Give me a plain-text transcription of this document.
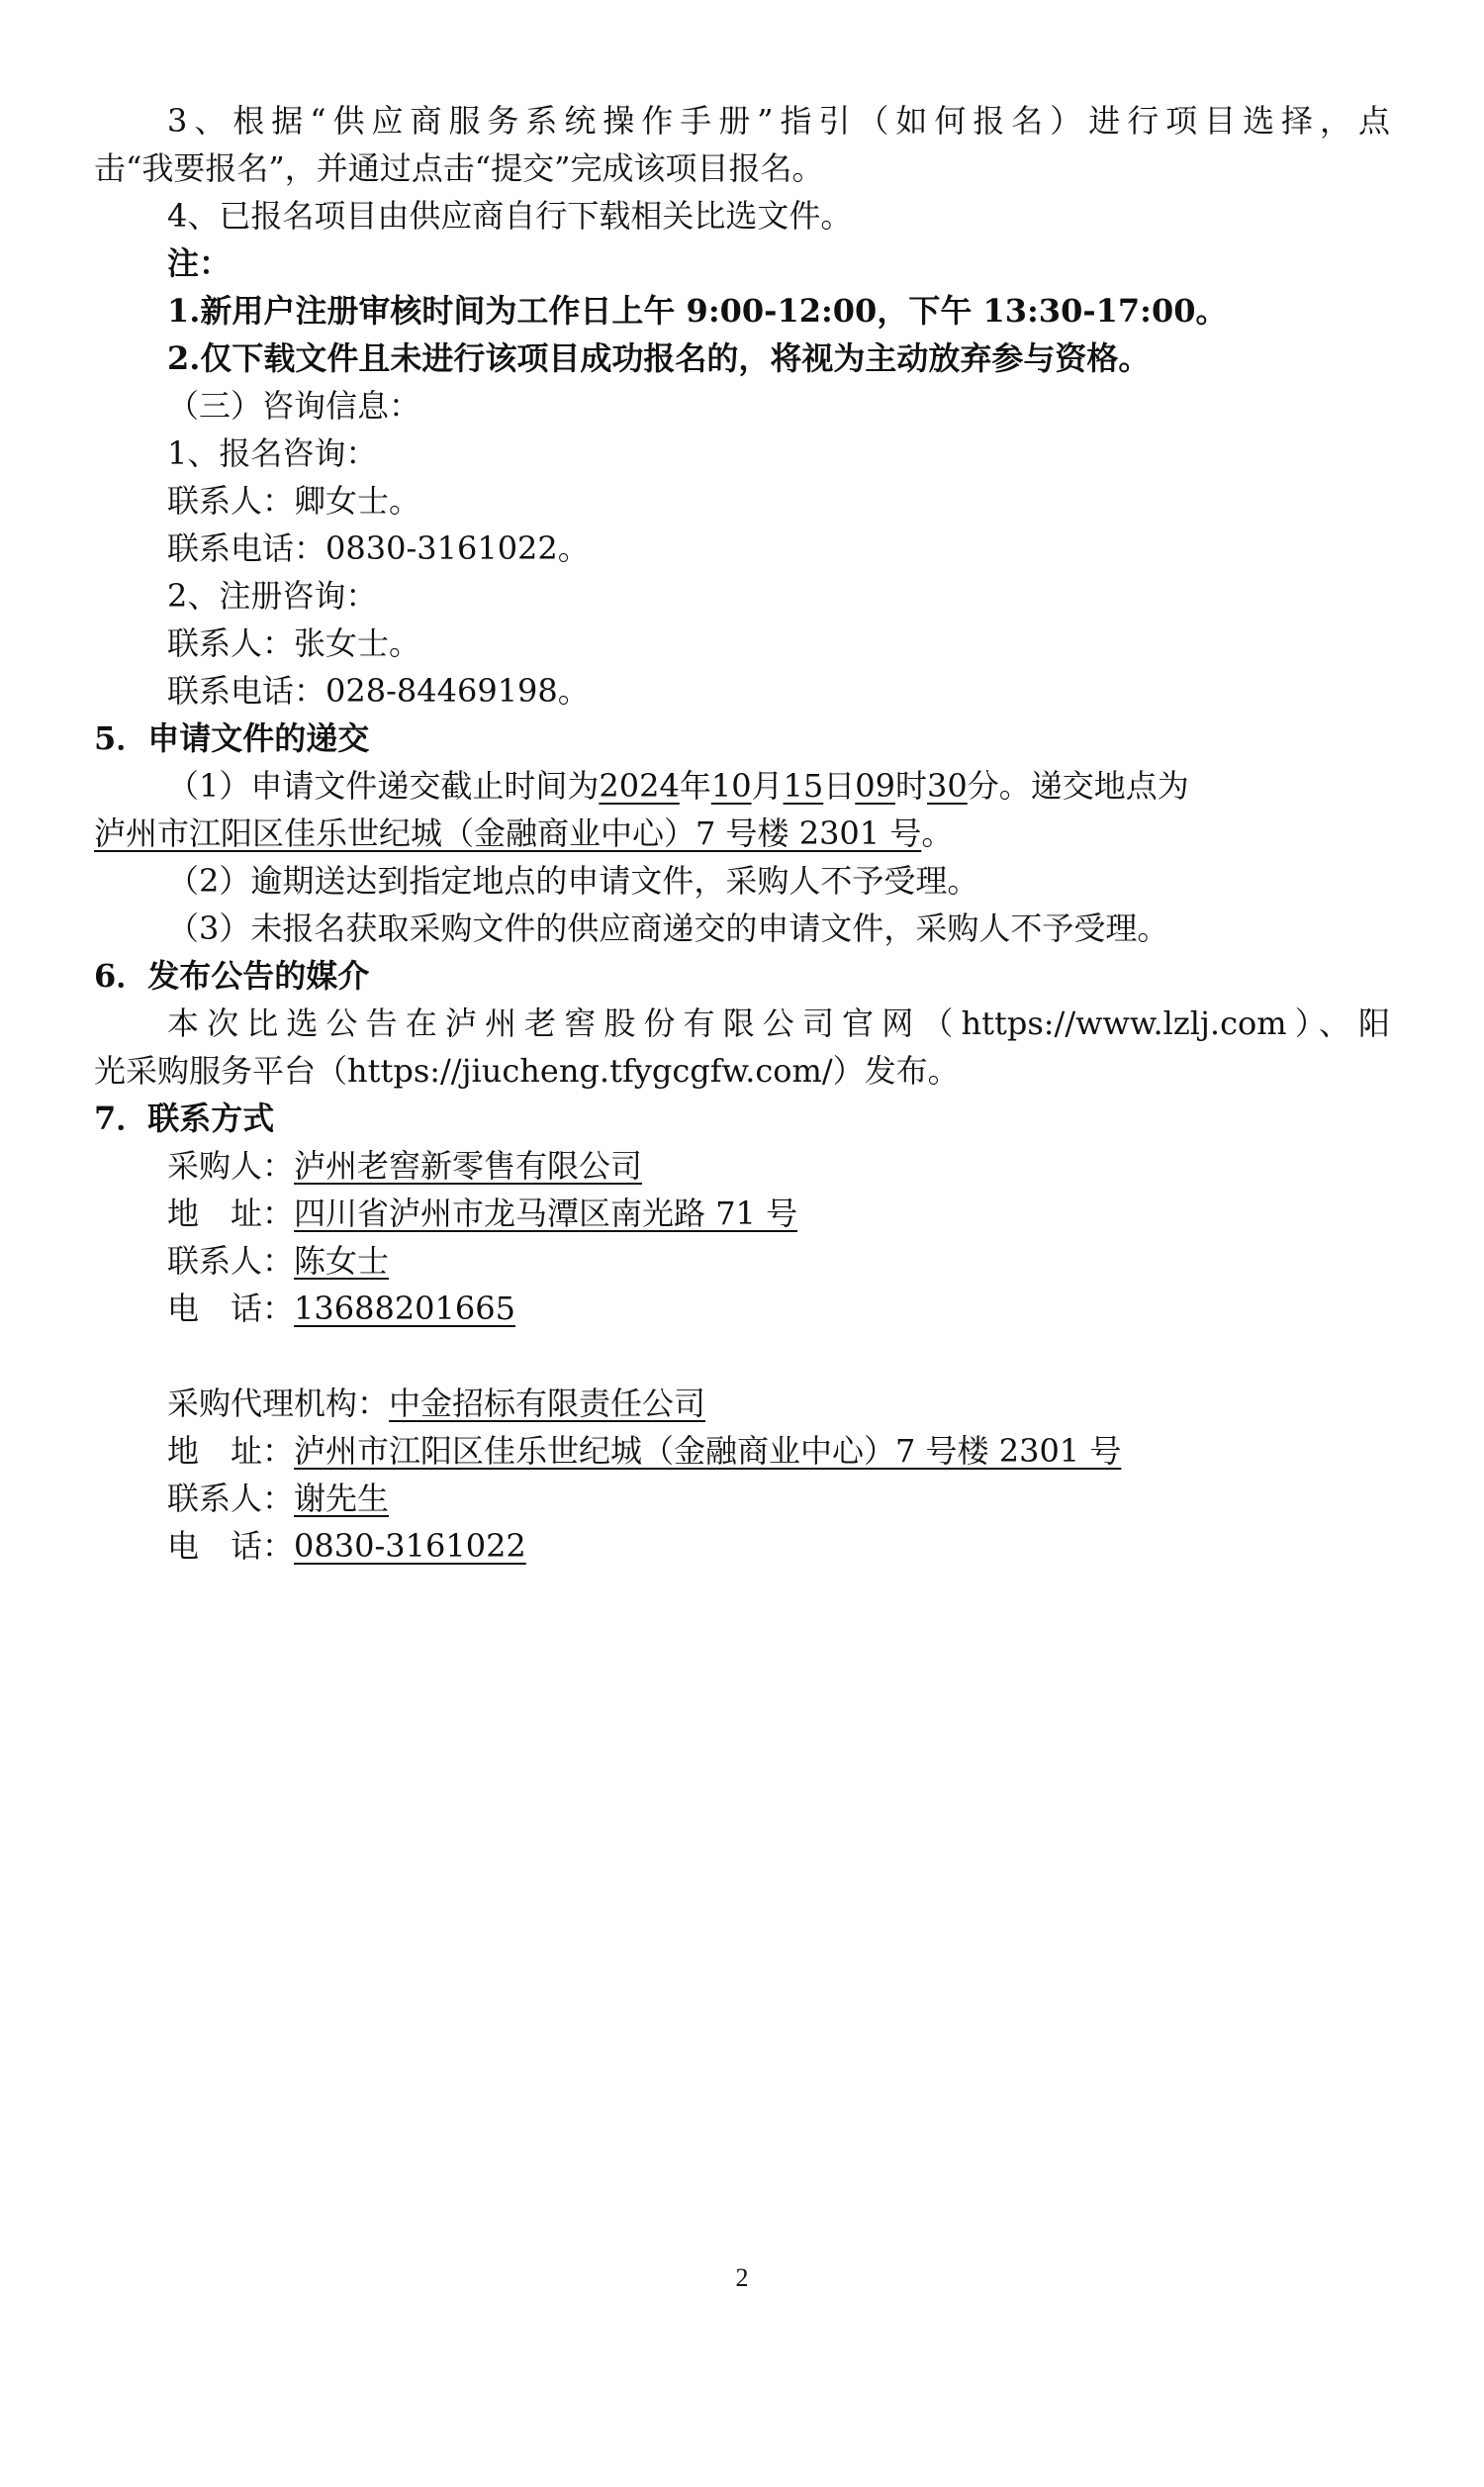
3、根据“供应商服务系统操作手册”指引（如何报名）进行项目选择，点
击“我要报名”，并通过点击“提交”完成该项目报名。
4、已报名项目由供应商自行下载相关比选文件。
注：
1.新用户注册审核时间为工作日上午 9:00-12:00，下午 13:30-17:00。
2.仅下载文件且未进行该项目成功报名的，将视为主动放弃参与资格。
（三）咨询信息：
1、报名咨询：
联系人：卿女士。
联系电话：0830-3161022。
2、注册咨询：
联系人：张女士。
联系电话：028-84469198。
5．申请文件的递交
（1）申请文件递交截止时间为2024年10月15日09时30分。递交地点为
泸州市江阳区佳乐世纪城（金融商业中心）7 号楼 2301 号。
（2）逾期送达到指定地点的申请文件，采购人不予受理。
（3）未报名获取采购文件的供应商递交的申请文件，采购人不予受理。
6．发布公告的媒介
本次比选公告在泸州老窖股份有限公司官网（https://www.lzlj.com）、阳
光采购服务平台（https://jiucheng.tfygcgfw.com/）发布。
7．联系方式
采购人：泸州老窖新零售有限公司
地　址：四川省泸州市龙马潭区南光路 71 号
联系人：陈女士
电　话：13688201665
采购代理机构：中金招标有限责任公司
地　址：泸州市江阳区佳乐世纪城（金融商业中心）7 号楼 2301 号
联系人：谢先生
电　话：0830-3161022
2
